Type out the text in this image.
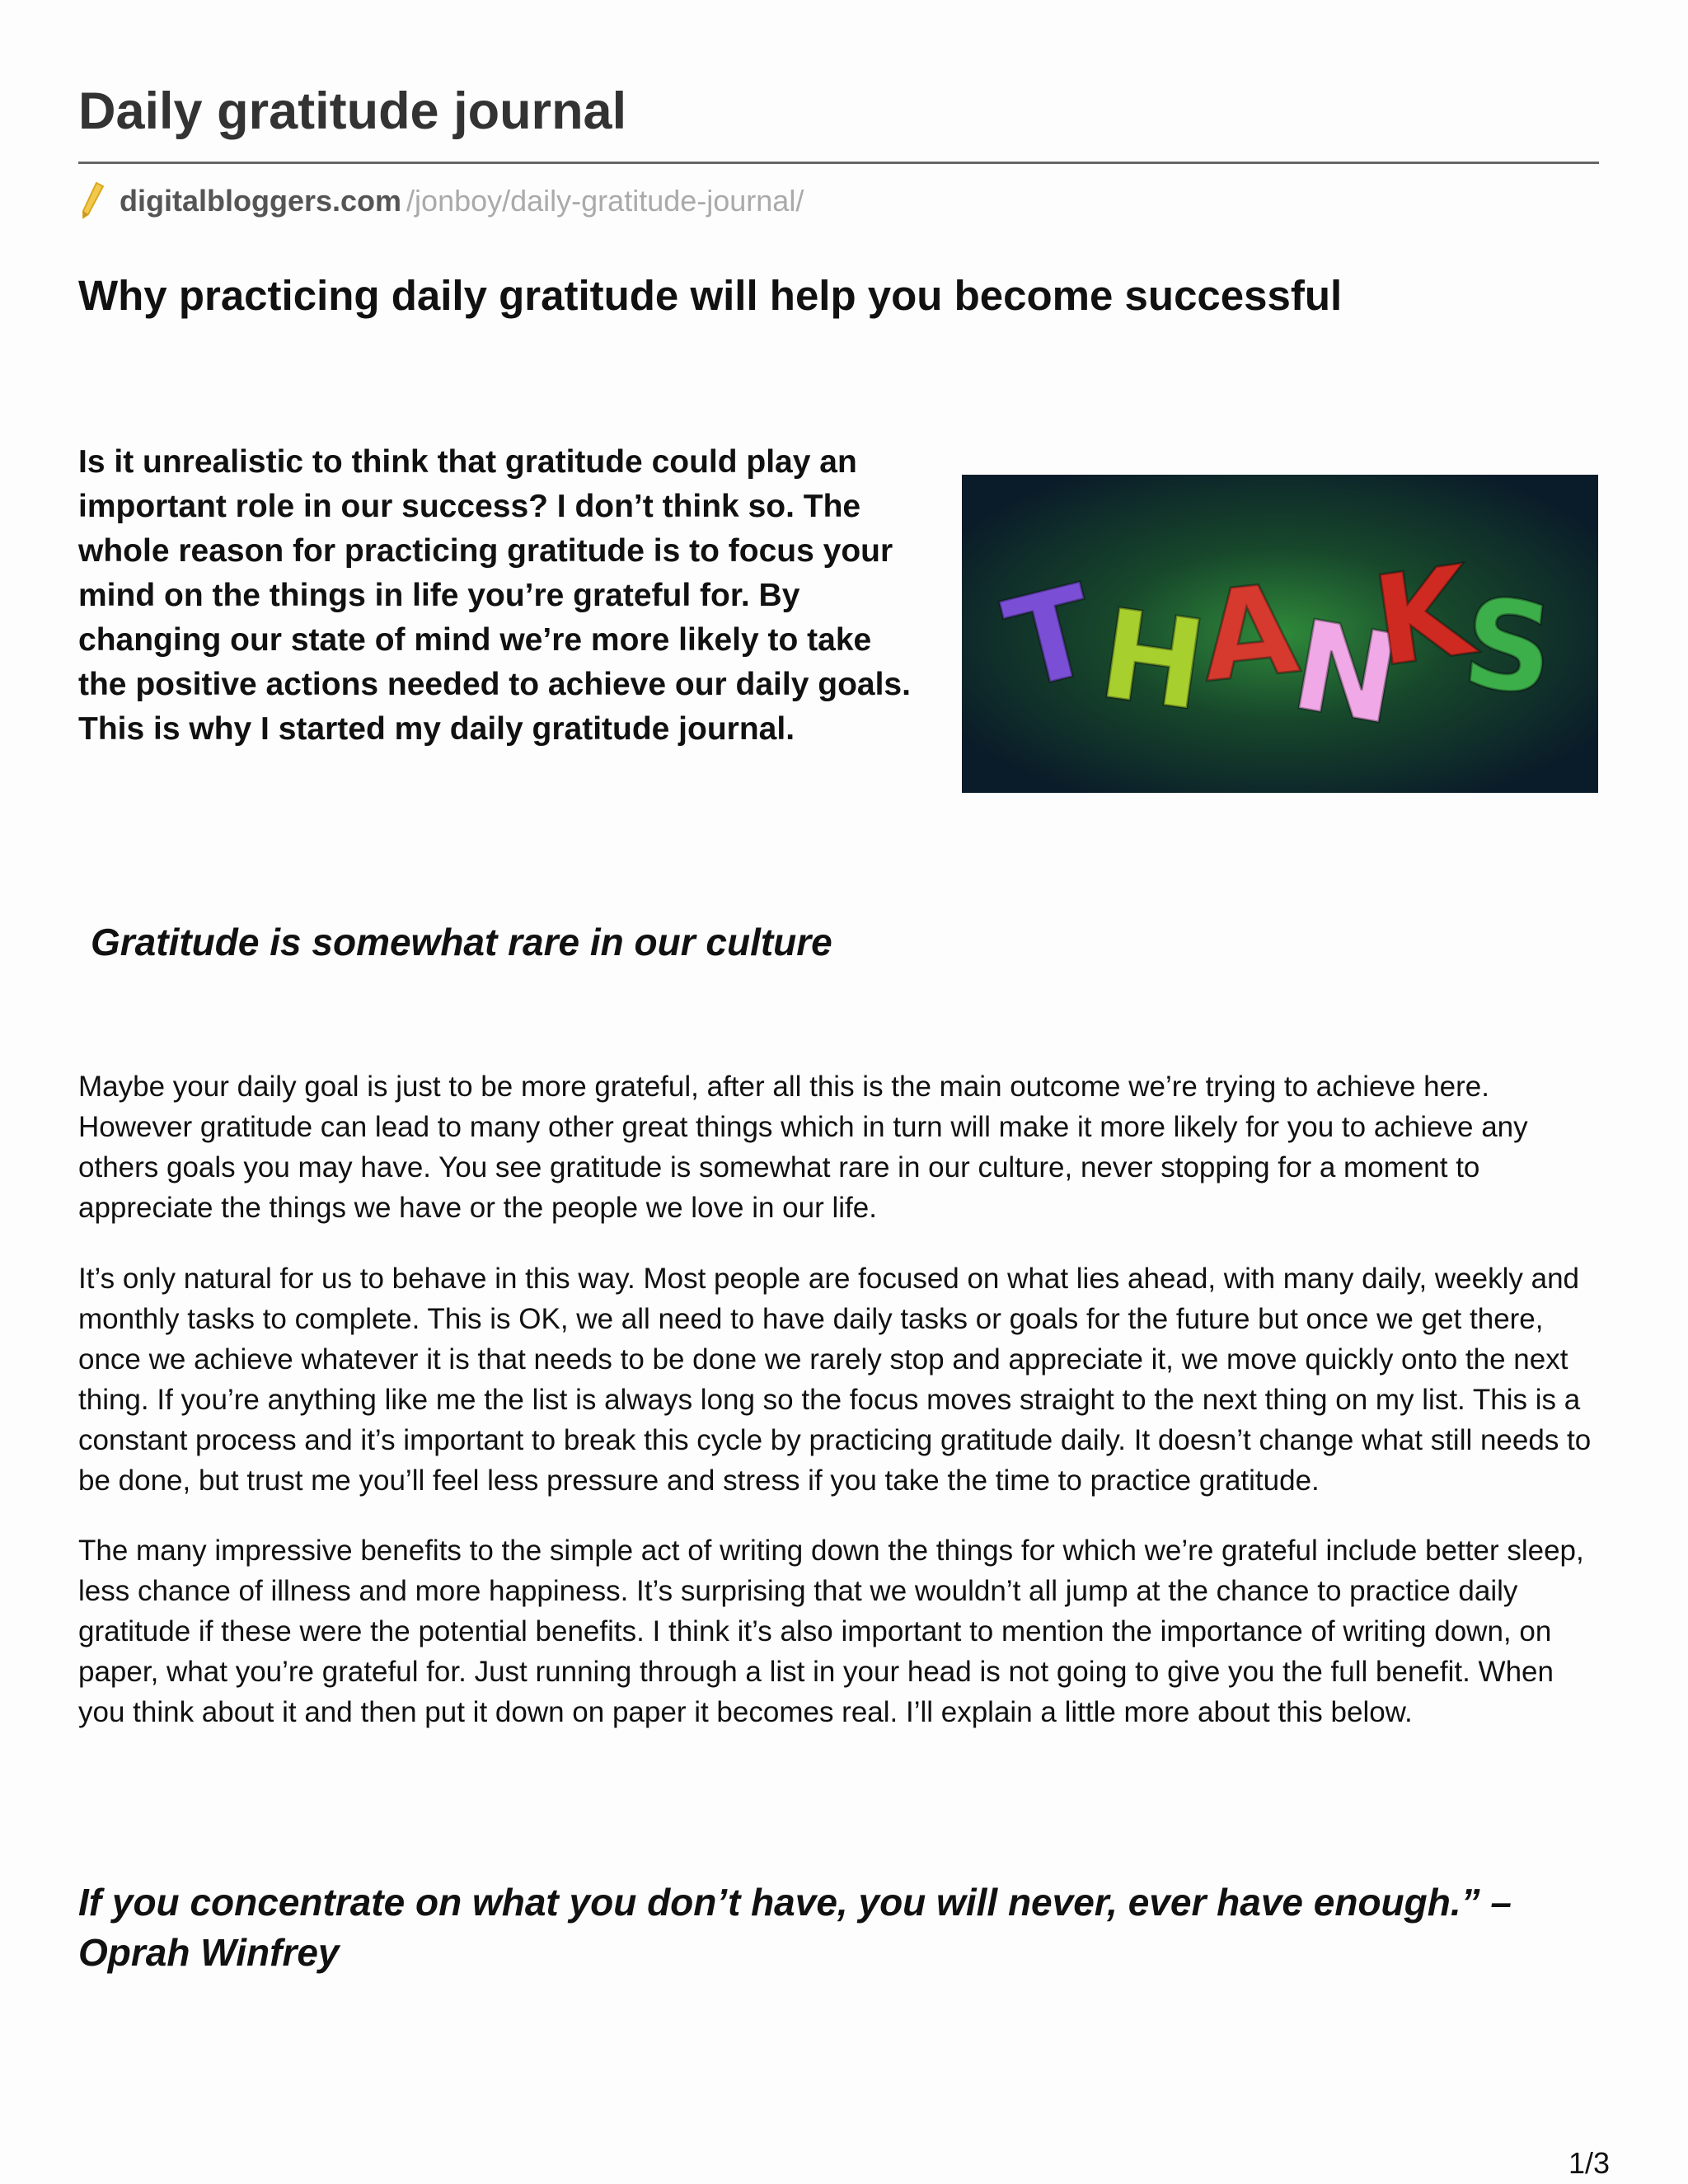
Daily gratitude journal
digitalbloggers.com /jonboy/daily-gratitude-journal/
Why practicing daily gratitude will help you become successful

Is it unrealistic to think that gratitude could play an important role in our success? I don’t think so. The whole reason for practicing gratitude is to focus your mind on the things in life you’re grateful for. By changing our state of mind we’re more likely to take the positive actions needed to achieve our daily goals. This is why I started my daily gratitude journal.

T
H
A
N
K
S
Gratitude is somewhat rare in our culture

Maybe your daily goal is just to be more grateful, after all this is the main outcome we’re trying to achieve here. However gratitude can lead to many other great things which in turn will make it more likely for you to achieve any others goals you may have. You see gratitude is somewhat rare in our culture, never stopping for a moment to appreciate the things we have or the people we love in our life.

It’s only natural for us to behave in this way. Most people are focused on what lies ahead, with many daily, weekly and monthly tasks to complete. This is OK, we all need to have daily tasks or goals for the future but once we get there, once we achieve whatever it is that needs to be done we rarely stop and appreciate it, we move quickly onto the next thing. If you’re anything like me the list is always long so the focus moves straight to the next thing on my list. This is a constant process and it’s important to break this cycle by practicing gratitude daily. It doesn’t change what still needs to be done, but trust me you’ll feel less pressure and stress if you take the time to practice gratitude.

The many impressive benefits to the simple act of writing down the things for which we’re grateful include better sleep, less chance of illness and more happiness. It’s surprising that we wouldn’t all jump at the chance to practice daily gratitude if these were the potential benefits. I think it’s also important to mention the importance of writing down, on paper, what you’re grateful for. Just running through a list in your head is not going to give you the full benefit. When you think about it and then put it down on paper it becomes real. I’ll explain a little more about this below.

If you concentrate on what you don’t have, you will never, ever have enough.” – Oprah Winfrey

1/3
